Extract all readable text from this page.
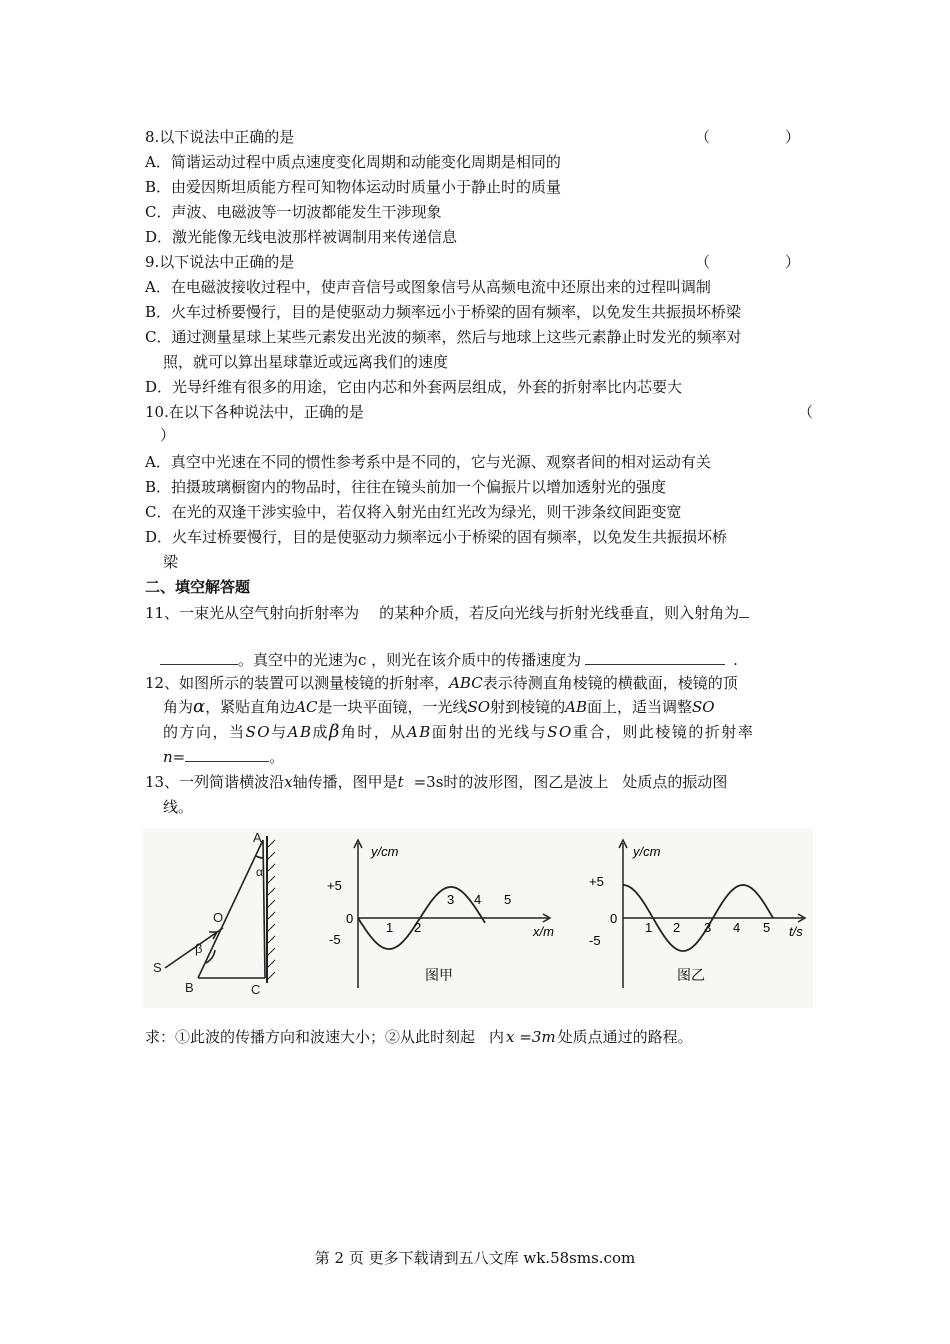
8.以下说法中正确的是	（　　　　　）
A．简谐运动过程中质点速度变化周期和动能变化周期是相同的
B．由爱因斯坦质能方程可知物体运动时质量小于静止时的质量
C．声波、电磁波等一切波都能发生干涉现象
D．激光能像无线电波那样被调制用来传递信息
9.以下说法中正确的是	（　　　　　）
A．在电磁波接收过程中，使声音信号或图象信号从高频电流中还原出来的过程叫调制
B．火车过桥要慢行，目的是使驱动力频率远小于桥梁的固有频率，以免发生共振损坏桥梁
C．通过测量星球上某些元素发出光波的频率，然后与地球上这些元素静止时发光的频率对
照，就可以算出星球靠近或远离我们的速度
D．光导纤维有很多的用途，它由内芯和外套两层组成，外套的折射率比内芯要大
10.在以下各种说法中，正确的是	（
）
A．真空中光速在不同的惯性参考系中是不同的，它与光源、观察者间的相对运动有关
B．拍摄玻璃橱窗内的物品时，往往在镜头前加一个偏振片以增加透射光的强度
C．在光的双逢干涉实验中，若仅将入射光由红光改为绿光，则干涉条纹间距变宽
D．火车过桥要慢行，目的是使驱动力频率远小于桥梁的固有频率，以免发生共振损坏桥
梁
二、填空解答题
11、一束光从空气射向折射率为 的某种介质，若反向光线与折射光线垂直，则入射角为
。真空中的光速为c ，则光在该介质中的传播速度为	.
12、如图所示的装置可以测量棱镜的折射率，ABC表示待测直角棱镜的横截面，棱镜的顶
角为α，紧贴直角边AC是一块平面镜，一光线SO射到棱镜的AB面上，适当调整SO
的方向，当SO与AB成β角时，从AB面射出的光线与SO重合，则此棱镜的折射率
n=	。
13、一列简谐横波沿x轴传播，图甲是t =3s时的波形图，图乙是波上 处质点的振动图
线。
A
α
O
S
β
B	C
y/cm
+5
-5
0
1 2
3 4 5
x/m
图甲
y/cm
+5
-5
0
1 2 3 4 5 t/s
图乙
求：①此波的传播方向和波速大小；②从此时刻起 内 x =3m 处质点通过的路程。
第 2 页 更多下载请到五八文库 wk.58sms.com
